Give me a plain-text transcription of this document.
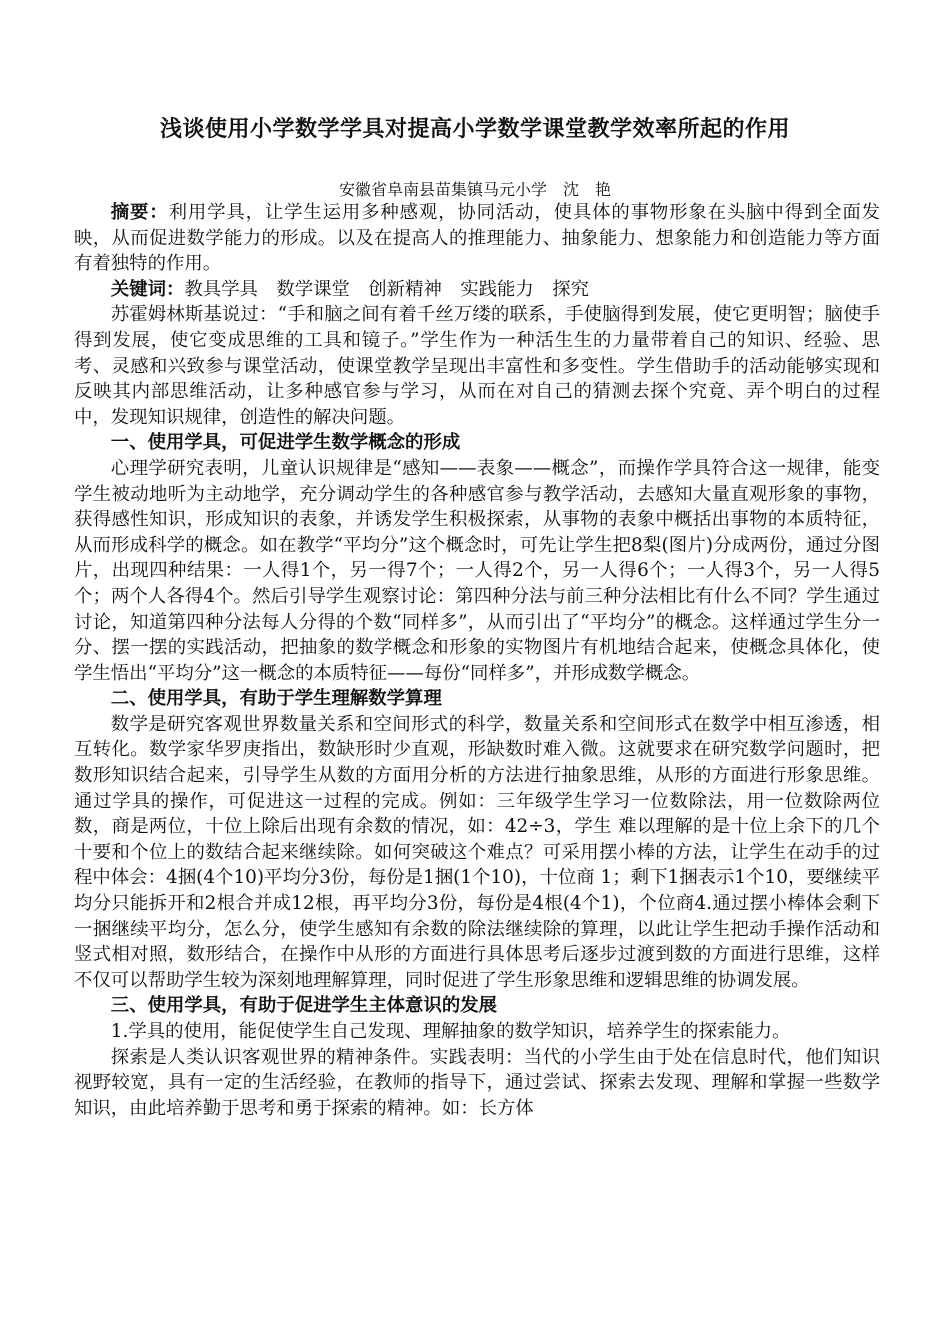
浅谈使用小学数学学具对提高小学数学课堂教学效率所起的作用
安徽省阜南县苗集镇马元小学　沈　艳

摘要：利用学具，让学生运用多种感观，协同活动，使具体的事物形象在头脑中得到全面发映，从而促进数学能力的形成。以及在提高人的推理能力、抽象能力、想象能力和创造能力等方面有着独特的作用。

关键词：教具学具　数学课堂　创新精神　实践能力　探究

苏霍姆林斯基说过：“手和脑之间有着千丝万缕的联系，手使脑得到发展，使它更明智；脑使手得到发展，使它变成思维的工具和镜子。”学生作为一种活生生的力量带着自己的知识、经验、思考、灵感和兴致参与课堂活动，使课堂教学呈现出丰富性和多变性。学生借助手的活动能够实现和反映其内部思维活动，让多种感官参与学习，从而在对自己的猜测去探个究竟、弄个明白的过程中，发现知识规律，创造性的解决问题。

一、使用学具，可促进学生数学概念的形成

心理学研究表明，儿童认识规律是“感知——表象——概念”，而操作学具符合这一规律，能变学生被动地听为主动地学，充分调动学生的各种感官参与教学活动，去感知大量直观形象的事物，获得感性知识，形成知识的表象，并诱发学生积极探索，从事物的表象中概括出事物的本质特征，从而形成科学的概念。如在教学“平均分”这个概念时，可先让学生把8梨(图片)分成两份，通过分图片，出现四种结果：一人得1个，另一得7个；一人得2个，另一人得6个；一人得3个，另一人得5个；两个人各得4个。然后引导学生观察讨论：第四种分法与前三种分法相比有什么不同？学生通过讨论，知道第四种分法每人分得的个数“同样多”，从而引出了“平均分”的概念。这样通过学生分一分、摆一摆的实践活动，把抽象的数学概念和形象的实物图片有机地结合起来，使概念具体化，使学生悟出“平均分”这一概念的本质特征——每份“同样多”，并形成数学概念。

二、使用学具，有助于学生理解数学算理

数学是研究客观世界数量关系和空间形式的科学，数量关系和空间形式在数学中相互渗透，相互转化。数学家华罗庚指出，数缺形时少直观，形缺数时难入微。这就要求在研究数学问题时，把数形知识结合起来，引导学生从数的方面用分析的方法进行抽象思维，从形的方面进行形象思维。通过学具的操作，可促进这一过程的完成。例如：三年级学生学习一位数除法，用一位数除两位数，商是两位，十位上除后出现有余数的情况，如：42÷3，学生 难以理解的是十位上余下的几个十要和个位上的数结合起来继续除。如何突破这个难点？可采用摆小棒的方法，让学生在动手的过程中体会：4捆(4个10)平均分3份，每份是1捆(1个10)，十位商 1；剩下1捆表示1个10，要继续平均分只能拆开和2根合并成12根，再平均分3份，每份是4根(4个1)，个位商4.通过摆小棒体会剩下一捆继续平均分，怎么分，使学生感知有余数的除法继续除的算理，以此让学生把动手操作活动和竖式相对照，数形结合，在操作中从形的方面进行具体思考后逐步过渡到数的方面进行思维，这样不仅可以帮助学生较为深刻地理解算理，同时促进了学生形象思维和逻辑思维的协调发展。

三、使用学具，有助于促进学生主体意识的发展

1.学具的使用，能促使学生自己发现、理解抽象的数学知识，培养学生的探索能力。

探索是人类认识客观世界的精神条件。实践表明：当代的小学生由于处在信息时代，他们知识视野较宽，具有一定的生活经验，在教师的指导下，通过尝试、探索去发现、理解和掌握一些数学知识，由此培养勤于思考和勇于探索的精神。如：长方体
